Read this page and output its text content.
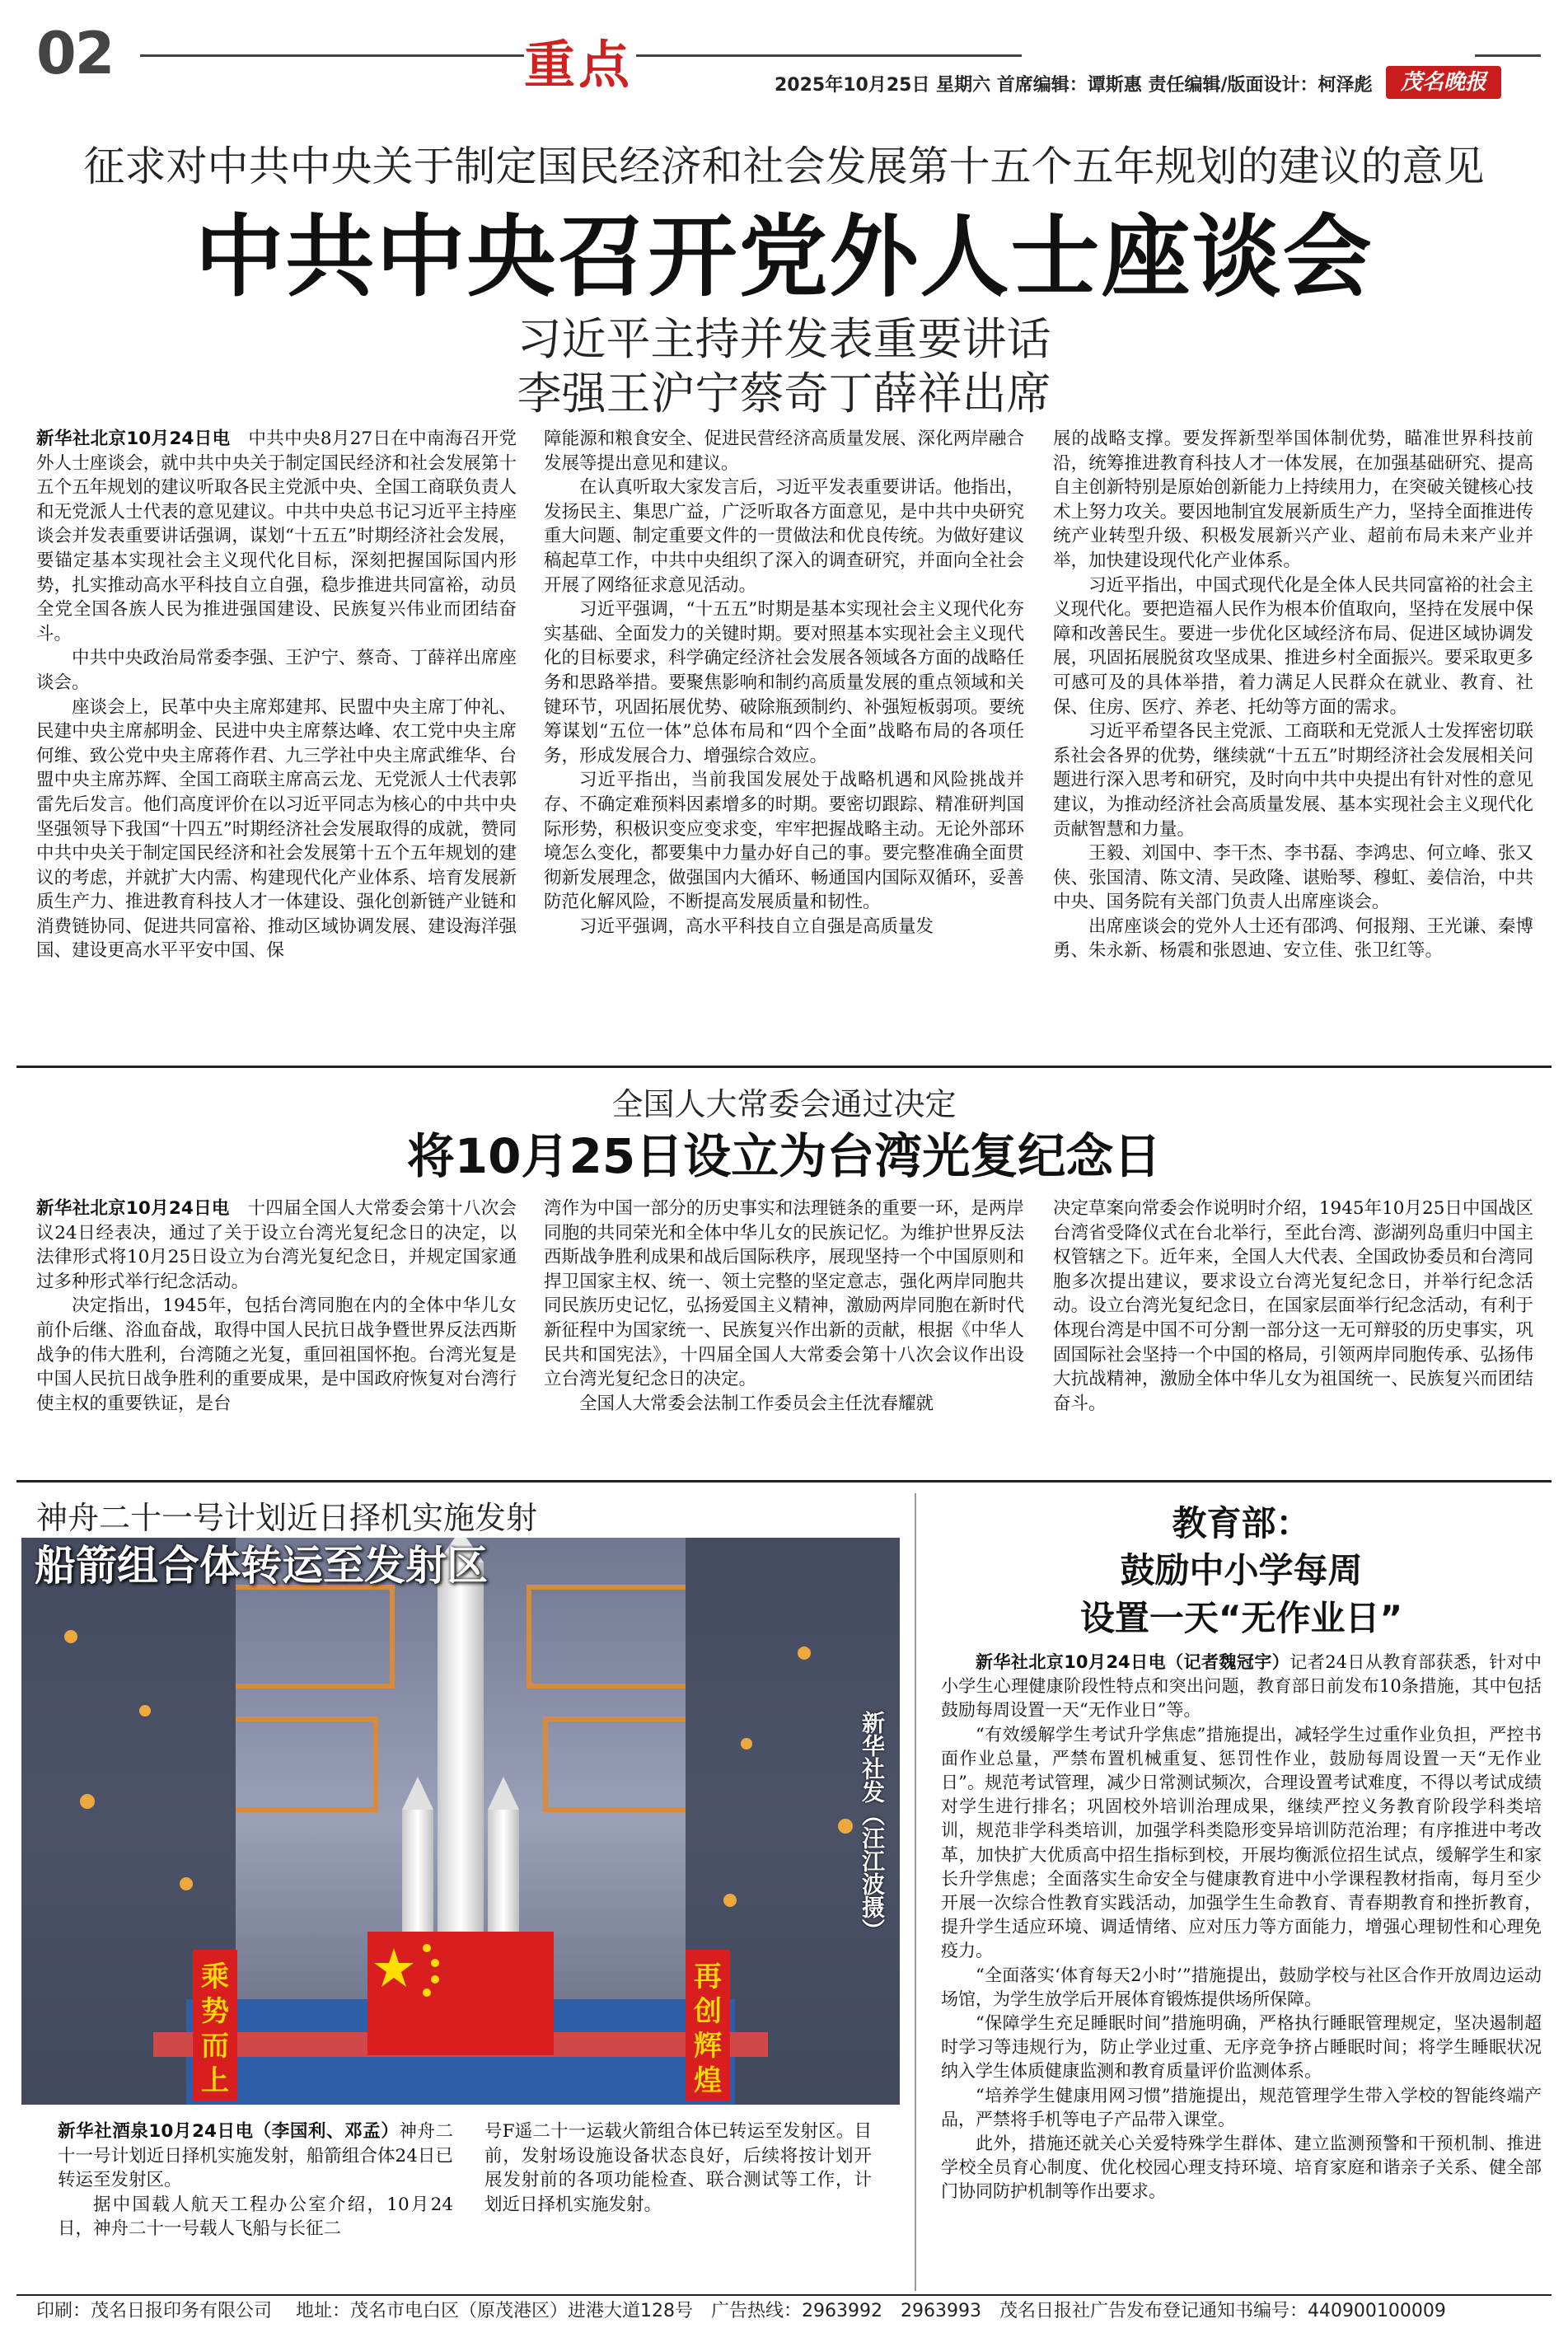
02	重点	2025年10月25日 星期六 首席编辑：谭斯惠 责任编辑/版面设计：柯泽彪	茂名晚报
征求对中共中央关于制定国民经济和社会发展第十五个五年规划的建议的意见
中共中央召开党外人士座谈会
习近平主持并发表重要讲话
李强王沪宁蔡奇丁薛祥出席

新华社北京10月24日电　 中共中央8月27日在中南海召开党外人士座谈会，就中共中央关于制定国民经济和社会发展第十五个五年规划的建议听取各民主党派中央、全国工商联负责人和无党派人士代表的意见建议。中共中央总书记习近平主持座谈会并发表重要讲话强调，谋划“十五五”时期经济社会发展，要锚定基本实现社会主义现代化目标，深刻把握国际国内形势，扎实推动高水平科技自立自强，稳步推进共同富裕，动员全党全国各族人民为推进强国建设、民族复兴伟业而团结奋斗。

中共中央政治局常委李强、王沪宁、蔡奇、丁薛祥出席座谈会。

座谈会上，民革中央主席郑建邦、民盟中央主席丁仲礼、民建中央主席郝明金、民进中央主席蔡达峰、农工党中央主席何维、致公党中央主席蒋作君、九三学社中央主席武维华、台盟中央主席苏辉、全国工商联主席高云龙、无党派人士代表郭雷先后发言。他们高度评价在以习近平同志为核心的中共中央坚强领导下我国“十四五”时期经济社会发展取得的成就，赞同中共中央关于制定国民经济和社会发展第十五个五年规划的建议的考虑，并就扩大内需、构建现代化产业体系、培育发展新质生产力、推进教育科技人才一体建设、强化创新链产业链和消费链协同、促进共同富裕、推动区域协调发展、建设海洋强国、建设更高水平平安中国、保

障能源和粮食安全、促进民营经济高质量发展、深化两岸融合发展等提出意见和建议。

在认真听取大家发言后，习近平发表重要讲话。他指出，发扬民主、集思广益，广泛听取各方面意见，是中共中央研究重大问题、制定重要文件的一贯做法和优良传统。为做好建议稿起草工作，中共中央组织了深入的调查研究，并面向全社会开展了网络征求意见活动。

习近平强调，“十五五”时期是基本实现社会主义现代化夯实基础、全面发力的关键时期。要对照基本实现社会主义现代化的目标要求，科学确定经济社会发展各领域各方面的战略任务和思路举措。要聚焦影响和制约高质量发展的重点领域和关键环节，巩固拓展优势、破除瓶颈制约、补强短板弱项。要统筹谋划“五位一体”总体布局和“四个全面”战略布局的各项任务，形成发展合力、增强综合效应。

习近平指出，当前我国发展处于战略机遇和风险挑战并存、不确定难预料因素增多的时期。要密切跟踪、精准研判国际形势，积极识变应变求变，牢牢把握战略主动。无论外部环境怎么变化，都要集中力量办好自己的事。要完整准确全面贯彻新发展理念，做强国内大循环、畅通国内国际双循环，妥善防范化解风险，不断提高发展质量和韧性。

习近平强调，高水平科技自立自强是高质量发

展的战略支撑。要发挥新型举国体制优势，瞄准世界科技前沿，统筹推进教育科技人才一体发展，在加强基础研究、提高自主创新特别是原始创新能力上持续用力，在突破关键核心技术上努力攻关。要因地制宜发展新质生产力，坚持全面推进传统产业转型升级、积极发展新兴产业、超前布局未来产业并举，加快建设现代化产业体系。

习近平指出，中国式现代化是全体人民共同富裕的社会主义现代化。要把造福人民作为根本价值取向，坚持在发展中保障和改善民生。要进一步优化区域经济布局、促进区域协调发展，巩固拓展脱贫攻坚成果、推进乡村全面振兴。要采取更多可感可及的具体举措，着力满足人民群众在就业、教育、社保、住房、医疗、养老、托幼等方面的需求。

习近平希望各民主党派、工商联和无党派人士发挥密切联系社会各界的优势，继续就“十五五”时期经济社会发展相关问题进行深入思考和研究，及时向中共中央提出有针对性的意见建议，为推动经济社会高质量发展、基本实现社会主义现代化贡献智慧和力量。

王毅、刘国中、李干杰、李书磊、李鸿忠、何立峰、张又侠、张国清、陈文清、吴政隆、谌贻琴、穆虹、姜信治，中共中央、国务院有关部门负责人出席座谈会。

出席座谈会的党外人士还有邵鸿、何报翔、王光谦、秦博勇、朱永新、杨震和张恩迪、安立佳、张卫红等。

全国人大常委会通过决定
将10月25日设立为台湾光复纪念日

新华社北京10月24日电　 十四届全国人大常委会第十八次会议24日经表决，通过了关于设立台湾光复纪念日的决定，以法律形式将10月25日设立为台湾光复纪念日，并规定国家通过多种形式举行纪念活动。

决定指出，1945年，包括台湾同胞在内的全体中华儿女前仆后继、浴血奋战，取得中国人民抗日战争暨世界反法西斯战争的伟大胜利，台湾随之光复，重回祖国怀抱。台湾光复是中国人民抗日战争胜利的重要成果，是中国政府恢复对台湾行使主权的重要铁证，是台

湾作为中国一部分的历史事实和法理链条的重要一环，是两岸同胞的共同荣光和全体中华儿女的民族记忆。为维护世界反法西斯战争胜利成果和战后国际秩序，展现坚持一个中国原则和捍卫国家主权、统一、领土完整的坚定意志，强化两岸同胞共同民族历史记忆，弘扬爱国主义精神，激励两岸同胞在新时代新征程中为国家统一、民族复兴作出新的贡献，根据《中华人民共和国宪法》，十四届全国人大常委会第十八次会议作出设立台湾光复纪念日的决定。

全国人大常委会法制工作委员会主任沈春耀就

决定草案向常委会作说明时介绍，1945年10月25日中国战区台湾省受降仪式在台北举行，至此台湾、澎湖列岛重归中国主权管辖之下。近年来，全国人大代表、全国政协委员和台湾同胞多次提出建议，要求设立台湾光复纪念日，并举行纪念活动。设立台湾光复纪念日，在国家层面举行纪念活动，有利于体现台湾是中国不可分割一部分这一无可辩驳的历史事实，巩固国际社会坚持一个中国的格局，引领两岸同胞传承、弘扬伟大抗战精神，激励全体中华儿女为祖国统一、民族复兴而团结奋斗。

神舟二十一号计划近日择机实施发射
船箭组合体转运至发射区
乘势而上
再创辉煌
新华社发（汪江波摄）

新华社酒泉10月24日电（李国利、邓孟）神舟二十一号计划近日择机实施发射，船箭组合体24日已转运至发射区。

据中国载人航天工程办公室介绍，10月24日，神舟二十一号载人飞船与长征二

号F遥二十一运载火箭组合体已转运至发射区。目前，发射场设施设备状态良好，后续将按计划开展发射前的各项功能检查、联合测试等工作，计划近日择机实施发射。

教育部：
鼓励中小学每周
设置一天“无作业日”

新华社北京10月24日电（记者魏冠宇）记者24日从教育部获悉，针对中小学生心理健康阶段性特点和突出问题，教育部日前发布10条措施，其中包括鼓励每周设置一天“无作业日”等。

“有效缓解学生考试升学焦虑”措施提出，减轻学生过重作业负担，严控书面作业总量，严禁布置机械重复、惩罚性作业，鼓励每周设置一天“无作业日”。规范考试管理，减少日常测试频次，合理设置考试难度，不得以考试成绩对学生进行排名；巩固校外培训治理成果，继续严控义务教育阶段学科类培训，规范非学科类培训，加强学科类隐形变异培训防范治理；有序推进中考改革，加快扩大优质高中招生指标到校，开展均衡派位招生试点，缓解学生和家长升学焦虑；全面落实生命安全与健康教育进中小学课程教材指南，每月至少开展一次综合性教育实践活动，加强学生生命教育、青春期教育和挫折教育，提升学生适应环境、调适情绪、应对压力等方面能力，增强心理韧性和心理免疫力。

“全面落实‘体育每天2小时’”措施提出，鼓励学校与社区合作开放周边运动场馆，为学生放学后开展体育锻炼提供场所保障。

“保障学生充足睡眠时间”措施明确，严格执行睡眠管理规定，坚决遏制超时学习等违规行为，防止学业过重、无序竞争挤占睡眠时间；将学生睡眠状况纳入学生体质健康监测和教育质量评价监测体系。

“培养学生健康用网习惯”措施提出，规范管理学生带入学校的智能终端产品，严禁将手机等电子产品带入课堂。

此外，措施还就关心关爱特殊学生群体、建立监测预警和干预机制、推进学校全员育心制度、优化校园心理支持环境、培育家庭和谐亲子关系、健全部门协同防护机制等作出要求。

印刷：茂名日报印务有限公司　 地址：茂名市电白区（原茂港区）进港大道128号　广告热线：2963992　2963993　茂名日报社广告发布登记通知书编号：440900100009
